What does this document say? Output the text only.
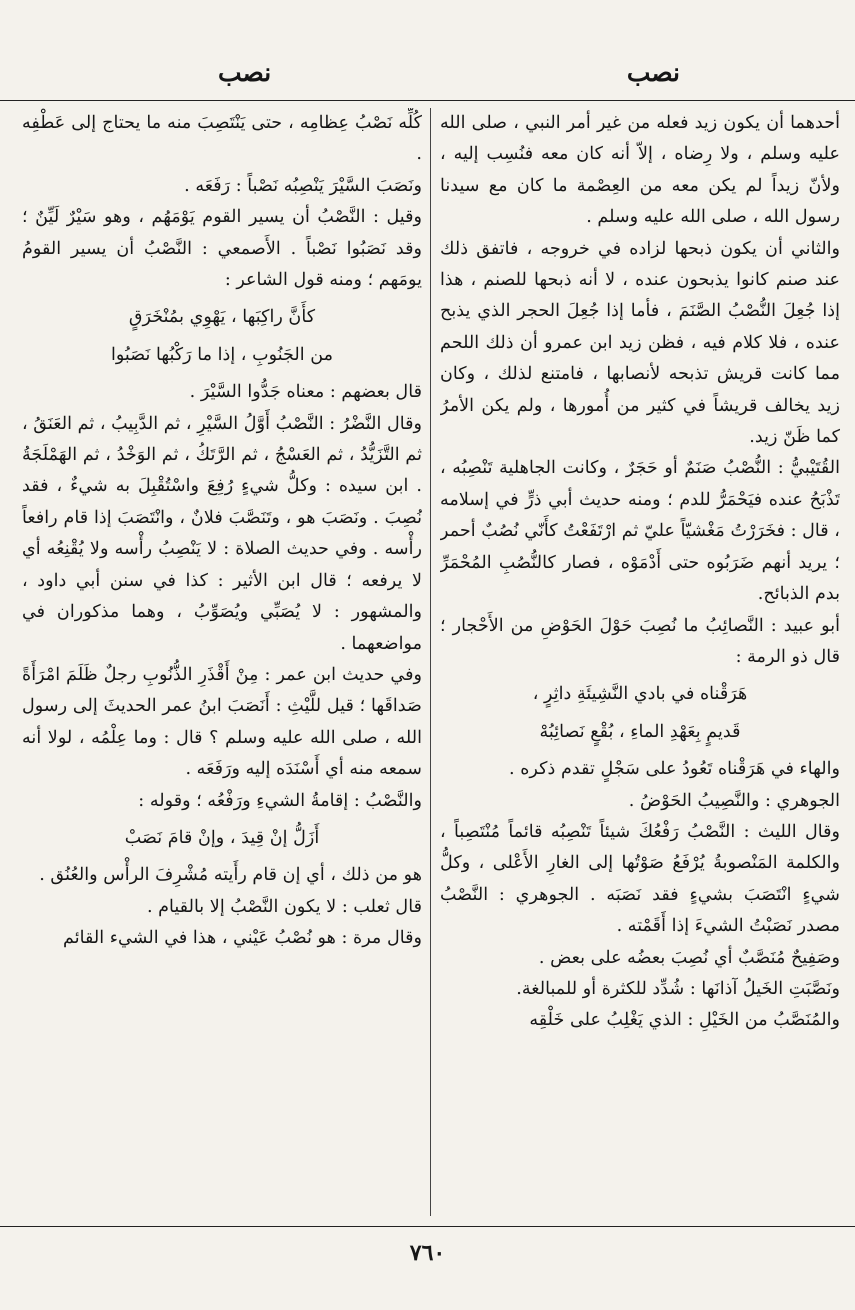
نصب
نصب

أحدهما أن يكون زيد فعله من غير أمر النبي ، صلى الله عليه وسلم ، ولا رِضاه ، إلاّ أنه كان معه فنُسِب إليه ، ولأنّ زيداً لم يكن معه من العِصْمة ما كان مع سيدنا رسول الله ، صلى الله عليه وسلم .

والثاني أن يكون ذبحها لزاده في خروجه ، فاتفق ذلك عند صنم كانوا يذبحون عنده ، لا أنه ذبحها للصنم ، هذا إذا جُعِلَ النُّصْبُ الصَّنَمَ ، فأما إذا جُعِلَ الحجر الذي يذبح عنده ، فلا كلام فيه ، فظن زيد ابن عمرو أن ذلك اللحم مما كانت قريش تذبحه لأنصابها ، فامتنع لذلك ، وكان زيد يخالف قريشاً في كثير من أُمورها ، ولم يكن الأمرُ كما ظَنّ زيد.

القُتَيْبيُّ : النُّصْبُ صَنَمٌ أو حَجَرٌ ، وكانت الجاهلية تَنْصِبُه ، تَذْبَحُ عنده فيَحْمَرُّ للدم ؛ ومنه حديث أبي ذرٍّ في إسلامه ، قال : فخَرَرْتُ مَغْشيّاً عليّ ثم ارْتَفَعْتُ كأَنّي نُصُبٌ أحمر ؛ يريد أنهم ضَرَبُوه حتى أَدْمَوْه ، فصار كالنُّصُبِ المُحْمَرِّ بدم الذبائح.

أبو عبيد : النَّصائِبُ ما نُصِبَ حَوْلَ الحَوْضِ من الأَحْجار ؛ قال ذو الرمة :

هَرَقْناه في بادي النَّشِيئَةِ داثِرٍ ،

قَديمٍ بِعَهْدِ الماءِ ، بُقْعٍ نَصائِبُهْ

والهاء في هَرَقْناه تَعُودُ على سَجْلٍ تقدم ذكره .

الجوهري : والنَّصِيبُ الحَوْضُ .

وقال الليث : النَّصْبُ رَفْعُكَ شيئاً تَنْصِبُه قائماً مُنْتَصِباً ، والكلمة المَنْصوبةُ يُرْفَعُ صَوْتُها إلى الغارِ الأَعْلى ، وكلُّ شيءٍ انْتَصَبَ بشيءٍ فقد نَصَبَه . الجوهري : النَّصْبُ مصدر نَصَبْتُ الشيءَ إذا أَقَمْته .

وصَفِيحٌ مُنَصَّبٌ أي نُصِبَ بعضُه على بعض .

ونَصَّبَتِ الخَيلُ آذانَها : شُدِّد للكثرة أو للمبالغة.

والمُنَصَّبُ من الخَيْلِ : الذي يَغْلِبُ على خَلْقِه

كُلِّه نَصْبُ عِظامِه ، حتى يَنْتَصِبَ منه ما يحتاج إلى عَطْفِه .

ونَصَبَ السَّيْرَ يَنْصِبُه نَصْباً : رَفَعَه .

وقيل : النَّصْبُ أن يسير القوم يَوْمَهُم ، وهو سَيْرٌ لَيِّنٌ ؛ وقد نَصَبُوا نَصْباً . الأَصمعي : النَّصْبُ أن يسير القومُ يومَهم ؛ ومنه قول الشاعر :

كأَنَّ راكِبَها ، يَهْوِي بمُنْخَرَقٍ

من الجَنُوبِ ، إذا ما رَكْبُها نَصَبُوا

قال بعضهم : معناه جَدُّوا السَّيْرَ .

وقال النَّضْرُ : النَّصْبُ أَوَّلُ السَّيْرِ ، ثم الدَّبِيبُ ، ثم العَنَقُ ، ثم التَّزَيُّدُ ، ثم العَسْجُ ، ثم الرَّتَكُ ، ثم الوَخْدُ ، ثم الهَمْلَجَةُ . ابن سيده : وكلُّ شيءٍ رُفِعَ واسْتُقْبِلَ به شيءٌ ، فقد نُصِبَ . ونَصَبَ هو ، وتَنَصَّبَ فلانٌ ، وانْتَصَبَ إذا قام رافعاً رأْسه . وفي حديث الصلاة : لا يَنْصِبُ رأْسه ولا يُقْنِعُه أي لا يرفعه ؛ قال ابن الأثير : كذا في سنن أبي داود ، والمشهور : لا يُصَبِّي ويُصَوِّبُ ، وهما مذكوران في مواضعهما .

وفي حديث ابن عمر : مِنْ أَقْذَرِ الذُّنُوبِ رجلٌ ظَلَمَ امْرَأَةً صَداقَها ؛ قيل للَّيْثِ : أَنَصَبَ ابنُ عمر الحديثَ إلى رسول الله ، صلى الله عليه وسلم ؟ قال : وما عِلْمُه ، لولا أنه سمعه منه أي أَسْنَدَه إليه ورَفَعَه .

والنَّصْبُ : إقامةُ الشيءِ ورَفْعُه ؛ وقوله :

أَزَلُّ إنْ قِيدَ ، وإنْ قامَ نَصَبْ

هو من ذلك ، أي إن قام رأَيته مُشْرِفَ الرأْس والعُنُق .

قال ثعلب : لا يكون النَّصْبُ إلا بالقيام .

وقال مرة : هو نُصْبُ عَيْني ، هذا في الشيء القائم

٧٦٠
